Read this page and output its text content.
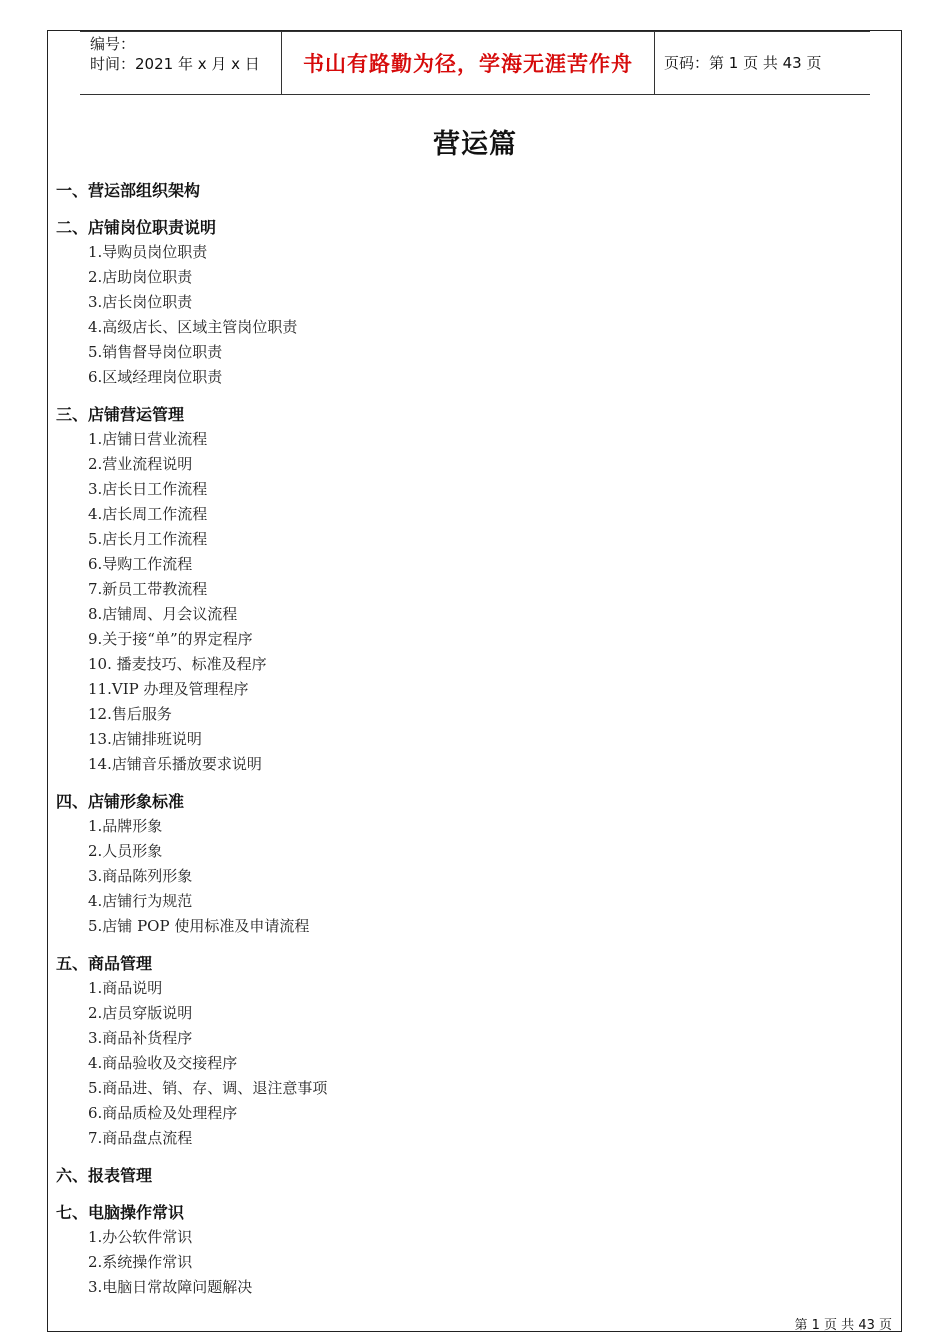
编号：
时间：2021 年 x 月 x 日	书山有路勤为径，学海无涯苦作舟	页码：第 1 页 共 43 页
营运篇
一、营运部组织架构
二、店铺岗位职责说明
1.导购员岗位职责
2.店助岗位职责
3.店长岗位职责
4.高级店长、区域主管岗位职责
5.销售督导岗位职责
6.区域经理岗位职责
三、店铺营运管理
1.店铺日营业流程
2.营业流程说明
3.店长日工作流程
4.店长周工作流程
5.店长月工作流程
6.导购工作流程
7.新员工带教流程
8.店铺周、月会议流程
9.关于接“单”的界定程序
10. 播麦技巧、标准及程序
11.VIP 办理及管理程序
12.售后服务
13.店铺排班说明
14.店铺音乐播放要求说明
四、店铺形象标准
1.品牌形象
2.人员形象
3.商品陈列形象
4.店铺行为规范
5.店铺 POP 使用标准及申请流程
五、商品管理
1.商品说明
2.店员穿版说明
3.商品补货程序
4.商品验收及交接程序
5.商品进、销、存、调、退注意事项
6.商品质检及处理程序
7.商品盘点流程
六、报表管理
七、电脑操作常识
1.办公软件常识
2.系统操作常识
3.电脑日常故障问题解决
第 1 页 共 43 页
